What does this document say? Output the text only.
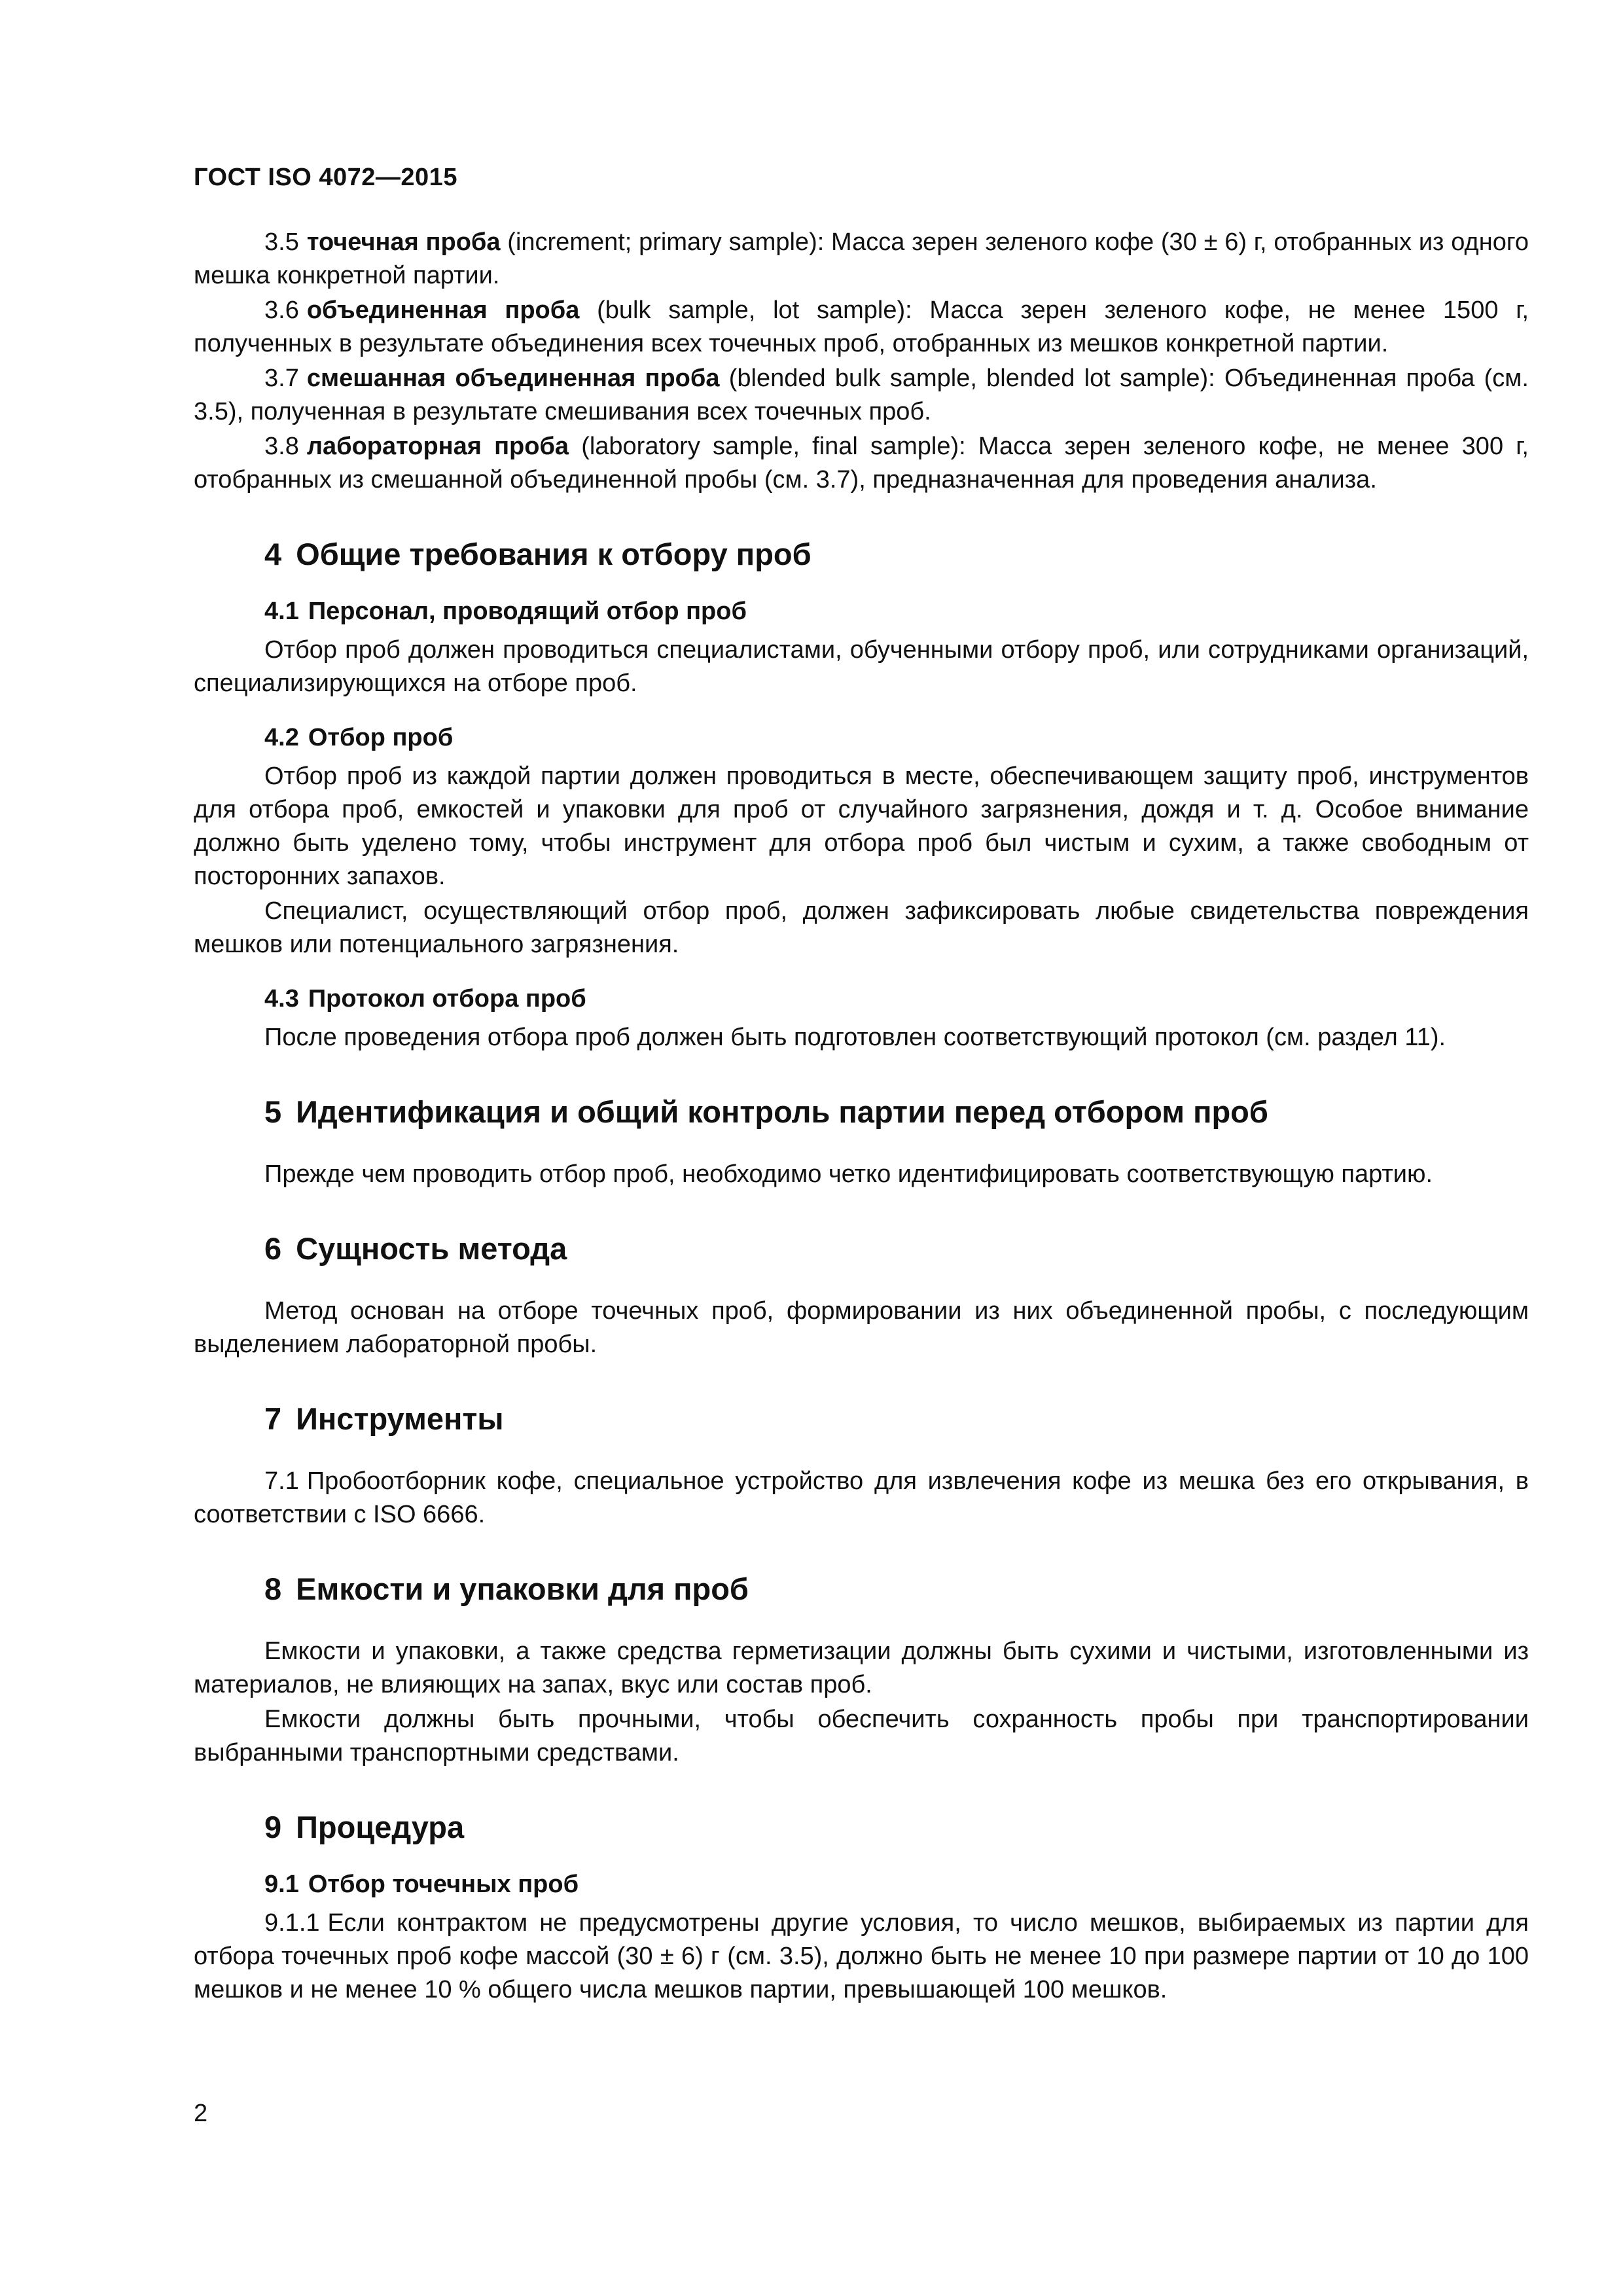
ГОСТ ISO 4072—2015

3.5 точечная проба (increment; primary sample): Масса зерен зеленого кофе (30 ± 6) г, отобранных из одного мешка конкретной партии.

3.6 объединенная проба (bulk sample, lot sample): Масса зерен зеленого кофе, не менее 1500 г, полученных в результате объединения всех точечных проб, отобранных из мешков конкретной партии.

3.7 смешанная объединенная проба (blended bulk sample, blended lot sample): Объединенная проба (см. 3.5), полученная в результате смешивания всех точечных проб.

3.8 лабораторная проба (laboratory sample, final sample): Масса зерен зеленого кофе, не менее 300 г, отобранных из смешанной объединенной пробы (см. 3.7), предназначенная для проведения анализа.

4 Общие требования к отбору проб
4.1 Персонал, проводящий отбор проб

Отбор проб должен проводиться специалистами, обученными отбору проб, или сотрудниками организаций, специализирующихся на отборе проб.

4.2 Отбор проб

Отбор проб из каждой партии должен проводиться в месте, обеспечивающем защиту проб, инструментов для отбора проб, емкостей и упаковки для проб от случайного загрязнения, дождя и т. д. Особое внимание должно быть уделено тому, чтобы инструмент для отбора проб был чистым и сухим, а также свободным от посторонних запахов.

Специалист, осуществляющий отбор проб, должен зафиксировать любые свидетельства повреждения мешков или потенциального загрязнения.

4.3 Протокол отбора проб

После проведения отбора проб должен быть подготовлен соответствующий протокол (см. раздел 11).

5 Идентификация и общий контроль партии перед отбором проб

Прежде чем проводить отбор проб, необходимо четко идентифицировать соответствующую партию.

6 Сущность метода

Метод основан на отборе точечных проб, формировании из них объединенной пробы, с последующим выделением лабораторной пробы.

7 Инструменты

7.1 Пробоотборник кофе, специальное устройство для извлечения кофе из мешка без его открывания, в соответствии с ISO 6666.

8 Емкости и упаковки для проб

Емкости и упаковки, а также средства герметизации должны быть сухими и чистыми, изготовленными из материалов, не влияющих на запах, вкус или состав проб.

Емкости должны быть прочными, чтобы обеспечить сохранность пробы при транспортировании выбранными транспортными средствами.

9 Процедура
9.1 Отбор точечных проб

9.1.1 Если контрактом не предусмотрены другие условия, то число мешков, выбираемых из партии для отбора точечных проб кофе массой (30 ± 6) г (см. 3.5), должно быть не менее 10 при размере партии от 10 до 100 мешков и не менее 10 % общего числа мешков партии, превышающей 100 мешков.

2
